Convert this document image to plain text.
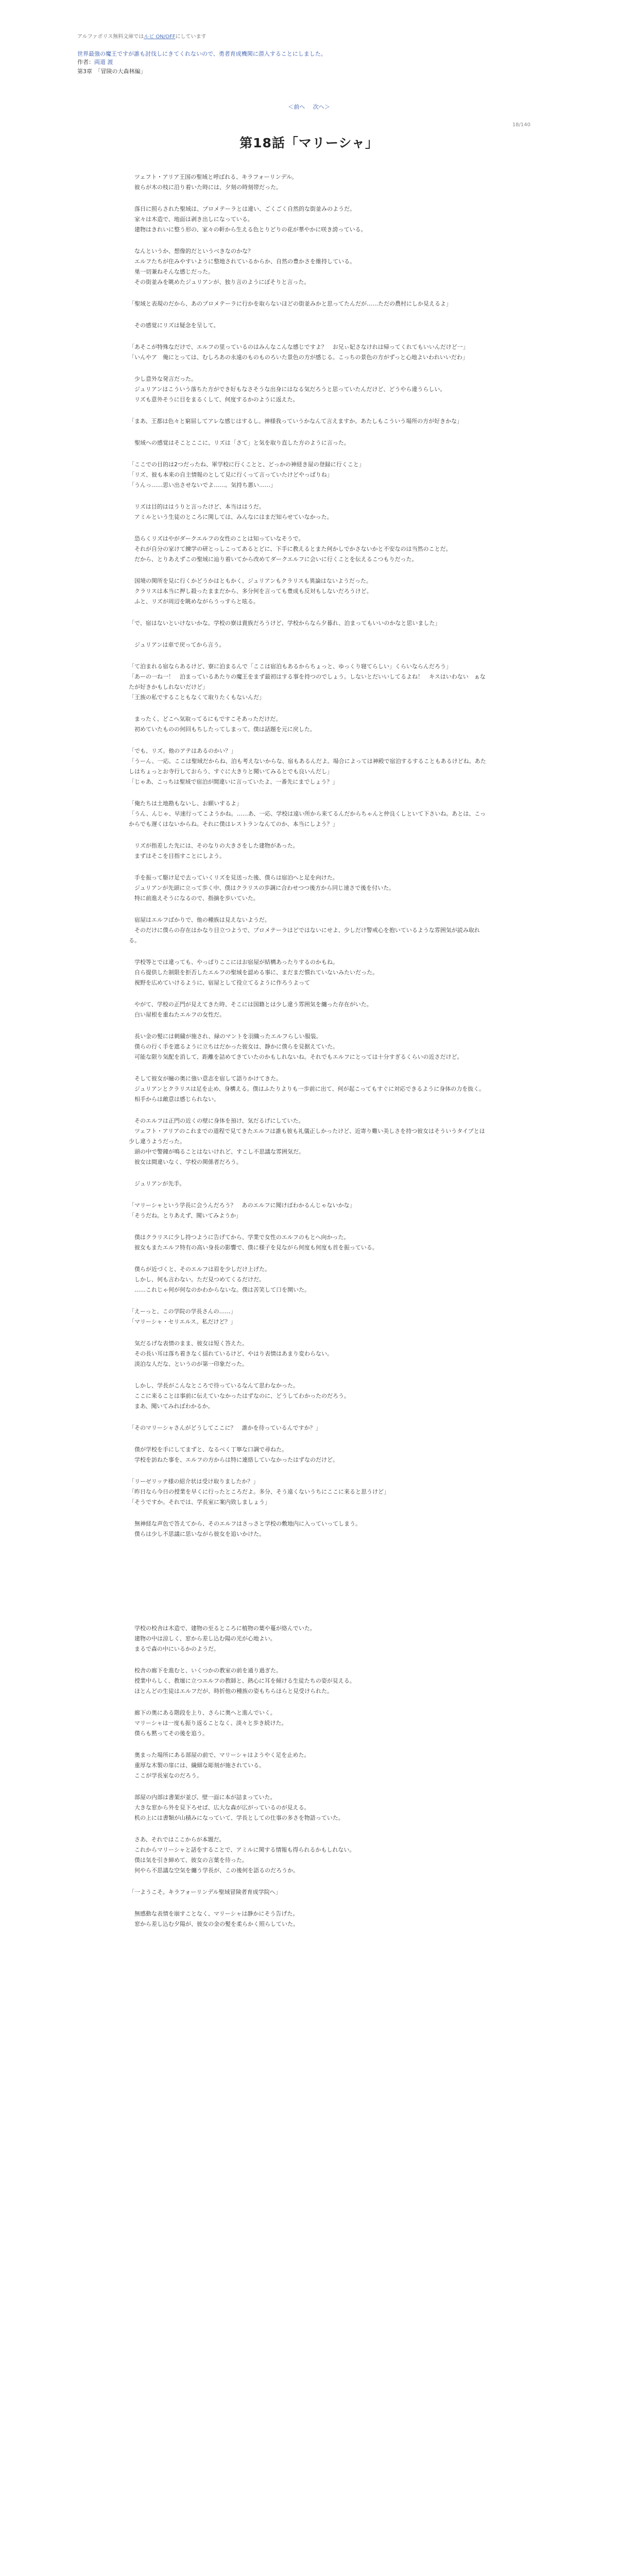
アルファポリス無料文庫ではルビ ON/OFFにしています
世界最強の魔王ですが誰も討伐しにきてくれないので、勇者育成機関に潜入することにしました。
作者：両道 渡
第3章　「冒険の大森林編」
＜前へ 次へ＞
18/140
第18話「マリーシャ」

　ツェフト・アリア王国の聖域と呼ばれる、キラフォーリンデル。
　彼らが木の枝に沿り着いた時には、夕刻の時刻帯だった。

　落日に照らされた聖域は、プロメテーラとは違い、ごくごく自然的な街並みのようだ。
　家々は木造で、地面は剥き出しになっている。
　建物はきれいに整う形の、家々の軒から生える色とりどりの花が華やかに咲き誇っている。

　なんというか、想像的だというべきなのかな？
　エルフたちが住みやすいように整地されているからか、自然の豊かさを維持している。
　巣一切兼ねそんな感じだった。
　その街並みを眺めたジュリアンが、独り言のようにぼそりと言った。

「聖域と表現のだから、あのプロメテーラに行かを取らないほどの街並みかと思ってたんだが……ただの農村にしか見えるよ」

　その感覚にリズは疑念を呈して。

「あそこが特殊なだけで、エルフの里っているのはみんなこんな感じですよ？　お兄ぃ妃さなけれは帰ってくれてもいいんだけど一」
「いんやア　俺にとっては、むしろあの永遠のものものろいた景色の方が感じる。こっちの景色の方がずっと心地よいわれいいだわ」

　少し意外な発言だった。
　ジュリアンはこういう落ちた方ができ好もなさそうな出身にはなる気だろうと思っていたんだけど、どうやら違うらしい。
　リズも意外そうに目をまるくして、何度するかのように返えた。

「まあ、王都は色々と窮屈してアレな感じはするし。神様我っていうかなんて言えますか。あたしもこういう場所の方が好きかな」

　聖域への感覚はそことここに、リズは「さて」と気を取り直した方のように言った。

「ここでの目的は2つだったね、軍学校に行くことと、どっかの神経き屋の登録に行くこと」
「リズ、彼も本来の自主情報のとして見に行くって言っていたけどやっぱりね」
「うんっ……思い出させないでよ……。気持ち悪い……」

　リズは目的ははうりと言ったけど、本当ははうだ。
　アミルという生徒のところに関しては、みんなにはまだ知らせていなかった。

　恐らくリズはやがダークエルフの女性のことは知っていなそうで。
　それが自分の家けて練学の研とっしこってあるとどに、下手に教えるとまた何かしでかさないかと不安なのは当然のことだ。
　だから、とりあえずこの聖域に辿り着いてから改めてダークエルフに会いに行くことを伝えるこつもりだった。

　国境の関所を見に行くかどうかはともかく、ジュリアンもクラリスも異論はないようだった。
　クラリスは本当に押し殺ったままだから、多分何を言っても豊成も反対もしないだろうけど。
　ふと、リズが周辺を眺めながらうっすらと呟る。

「で、宿はないといけないかな。学校の寮は貴族だろうけど、学校からなら夕暮れ、泊まってもいいのかなと思いました」

　ジュリアンは車で戻ってから言う。

「て泊まれる宿ならあるけど、寮に泊まるんで「ここは宿泊もあるからちょっと、ゆっくり寝てらしい」くらいならんだろう」
「あーの一ね一！　泊まっているあたりの魔王をまず最初はする事を持つのでしょう。しないとだいいしてるよね！　キスはいわない　ぁなたが好きかもしれないだけど」
「王族の私ですることもなくて取りたくもないんだ」

　まったく、どこへ気取ってるにもですこそあっただけだ。
　初めていたものの何回もちしたってしまって、僕は話題を元に戻した。

「でも、リズ。他のアテはあるのかい？」
「うーん、一応。ここは聖域だからね、泊も考えないからな、宿もあるんだよ。場合によっては神殿で宿泊するすることもあるけどね。あたしはちょっとお寺行しておらう、すぐに大きりと聞いてみるとでも良いんだし」
「じゃあ、こっちは聖域で宿泊が間違いに言っていたよ、一番先にまでしょう？」

「俺たちは土地勘もないし、お願いするよ」
「うん、んじゃ、早速行ってこようかね。……あ、一応、学校は遠い所から来てるんだからちゃんと仲良くしといて下さいね。あとは、こっからでも遅くはないからね。それに僕はレストランなんてのか、本当にしよう？」

　リズが指差した先には、そのなりの大きさをした建物があった。
　まずはそこを目指すことにしよう。

　手を振って駆け足で去っていくリズを見送った後、僕らは宿泊へと足を向けた。
　ジュリアンが先頭に立って歩く中、僕はクラリスの歩調に合わせつつ後方から同じ速さで後を付いた。
　特に前進えそうになるので、指摘を歩いていた。

　宿屋はエルフばかりで、他の種族は見えないようだ。
　そのだけに僕らの存在はかなり目立つようで、プロメテーラはどではないにせよ、少しだけ警戒心を抱いているような雰囲気が読み取れる。

　学校等とでは違っても、やっぱりここにはお宿屋が結構あったりするのかもね。
　自ら提供した制限を拒否したエルフの聖域を認める事に、まだまだ慣れていないみたいだった。
　視野を広めていけるように、宿屋として役立てるように作ろうよって

　やがて、学校の正門が見えてきた時、そこには国籍とは少し違う雰囲気を纏った存在がいた。
　白い屋根を重ねたエルフの女性だ。

　長い金の髪には刺繍が施され、緑のマントを羽織ったエルフらしい服装。
　僕らの行く手を遮るように立ちはだかった彼女は、静かに僕らを見据えていた。
　可能な限り気配を消して、距離を詰めてきていたのかもしれないね。それでもエルフにとっては十分すぎるくらいの近さだけど。

　そして彼女が瞳の奥に強い意志を宿して語りかけてきた。
　ジュリアンとクラリスは足を止め、身構える。僕はふたりよりも一歩前に出て、何が起こってもすぐに対応できるように身体の力を抜く。
　相手からは敵意は感じられない。

　そのエルフは正門の近くの壁に身体を預け、気だるげにしていた。
　ツェフト・アリアのこれまでの道程で見てきたエルフは誰も彼も礼儀正しかったけど、近寄り難い美しさを持つ彼女はそういうタイプとは少し違うようだった。
　頭の中で警鐘が鳴ることはないけれど、すこし不思議な雰囲気だ。
　彼女は間違いなく、学校の関係者だろう。

　ジュリアンが先手。

「マリーシャという学長に会うんだろう？　あのエルフに聞けばわかるんじゃないかな」
「そうだね。とりあえず、聞いてみようか」

　僕はクラリスに少し持つように告げてから、学業で女性のエルフのもとへ向かった。
　彼女もまたエルフ特有の高い身長の影響で、僕に様子を見ながら何度も何度も首を振っている。

　僕らが近づくと、そのエルフは眉を少しだけ上げた。
　しかし、何も言わない。ただ見つめてくるだけだ。
　……これじゃ何が何なのかわからないな。僕は苦笑して口を開いた。

「えーっと、この学院の学長さんの……」
「マリーシャ・セリエルス。私だけど？」

　気だるげな表情のまま、彼女は短く答えた。
　その長い耳は落ち着きなく揺れているけど、やはり表情はあまり変わらない。
　淡泊な人だな、というのが第一印象だった。

　しかし、学長がこんなところで待っているなんて思わなかった。
　ここに来ることは事前に伝えていなかったはずなのに、どうしてわかったのだろう。
　まあ、聞いてみればわかるか。

「そのマリーシャさんがどうしてここに？　誰かを待っているんですか？」

　僕が学校を手にしてまずと、なるべく丁寧な口調で尋ねた。
　学校を訪ねた事を、エルフの方からは特に連絡していなかったはずなのだけど。

「リーゼリッテ様の紹介状は受け取りましたか？」
「昨日なら今日の授業を早くに行ったところだよ。多分、そう遠くないうちにここに来ると思うけど」
「そうですか。それでは、学長室に案内致しましょう」

　無神経な声色で答えてから、そのエルフはさっさと学校の敷地内に入っていってしまう。
　僕らは少し不思議に思いながら彼女を追いかけた。

　学校の校舎は木造で、建物の至るところに植物の葉や蔓が絡んでいた。
　建物の中は涼しく、窓から差し込む陽の光が心地よい。
　まるで森の中にいるかのようだ。

　校舎の廊下を進むと、いくつかの教室の前を通り過ぎた。
　授業中らしく、教壇に立つエルフの教師と、熱心に耳を傾ける生徒たちの姿が見える。
　ほとんどの生徒はエルフだが、時折他の種族の姿もちらほらと見受けられた。

　廊下の奥にある階段を上り、さらに奥へと進んでいく。
　マリーシャは一度も振り返ることなく、淡々と歩き続けた。
　僕らも黙ってその後を追う。

　奥まった場所にある部屋の前で、マリーシャはようやく足を止めた。
　重厚な木製の扉には、繊細な彫刻が施されている。
　ここが学長室なのだろう。

　部屋の内部は書架が並び、壁一面に本が詰まっていた。
　大きな窓から外を見下ろせば、広大な森が広がっているのが見える。
　机の上には書類が山積みになっていて、学長としての仕事の多さを物語っていた。

　さあ、それではここからが本題だ。
　これからマリーシャと話をすることで、アミルに関する情報も得られるかもしれない。
　僕は気を引き締めて、彼女の言葉を待った。
　何やら不思議な空気を纏う学長が、この後何を語るのだろうか。

「一ようこそ。キラフォーリンデル聖域冒険者育成学院へ」

　無感動な表情を崩すことなく、マリーシャは静かにそう告げた。
　窓から差し込む夕陽が、彼女の金の髪を柔らかく照らしていた。
